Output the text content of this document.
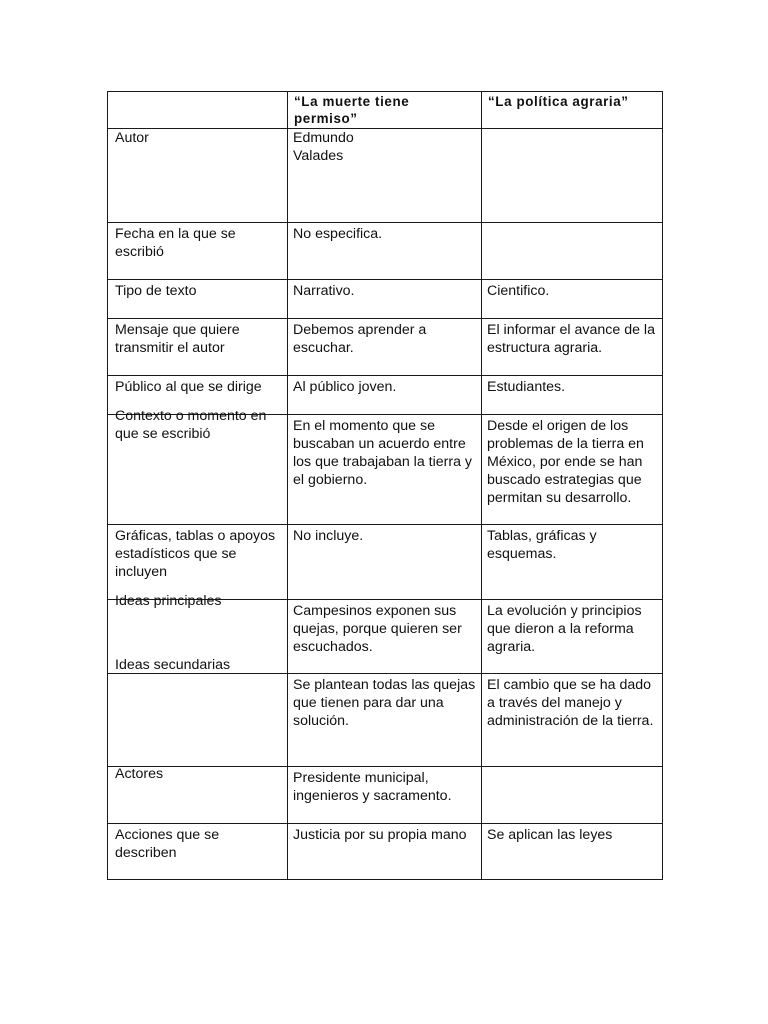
	“La muerte tiene permiso”	“La política agraria”

Autor	Edmundo
Valades	

Fecha en la que se escribió	No especifica.	

Tipo de texto	Narrativo.	Cientifico.

Mensaje que quiere transmitir el autor	Debemos aprender a escuchar.	El informar el avance de la estructura agraria.

Público al que se dirige	Al público joven.	Estudiantes.

Contexto o momento en que se escribió	En el momento que se buscaban un acuerdo entre los que trabajaban la tierra y el gobierno.	Desde el origen de los problemas de la tierra en México, por ende se han buscado estrategias que permitan su desarrollo.

Gráficas, tablas o apoyos estadísticos que se incluyen	No incluye.	Tablas, gráficas y esquemas.

Ideas principales	Campesinos exponen sus quejas, porque quieren ser escuchados.	La evolución y principios que dieron a la reforma agraria.

Ideas secundarias	Se plantean todas las quejas que tienen para dar una solución.	El cambio que se ha dado a través del manejo y administración de la tierra.

Actores	Presidente municipal, ingenieros y sacramento.	

Acciones que se describen	Justicia por su propia mano	Se aplican las leyes
